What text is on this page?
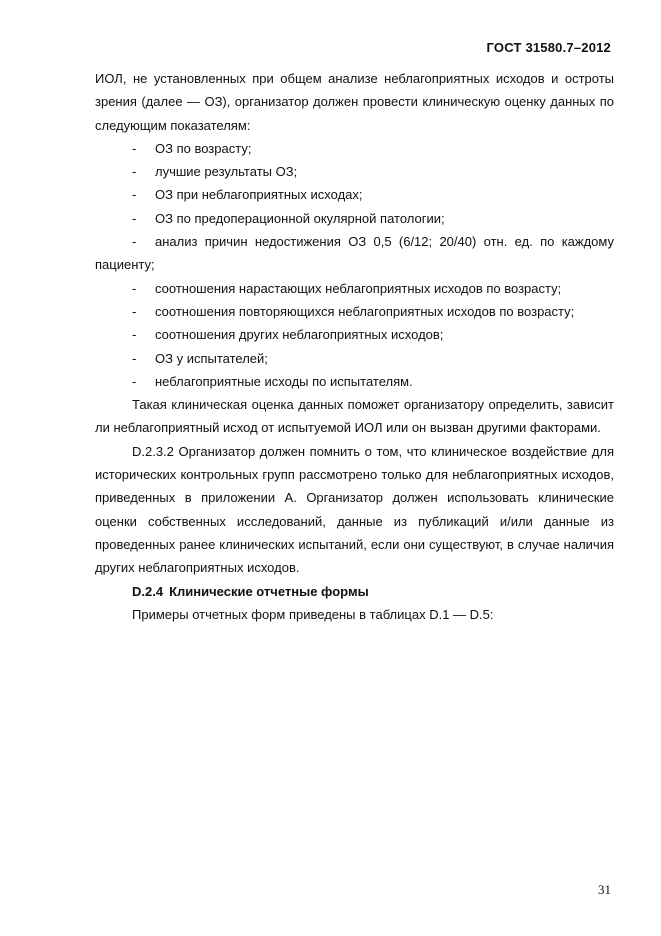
ГОСТ 31580.7–2012

ИОЛ, не установленных при общем анализе неблагоприятных исходов и остроты зрения (далее — ОЗ), организатор должен провести клиническую оценку данных по следующим показателям:

-	ОЗ по возрасту;
-	лучшие результаты ОЗ;
-	ОЗ при неблагоприятных исходах;
-	ОЗ по предоперационной окулярной патологии;
-	анализ причин недостижения ОЗ 0,5 (6/12; 20/40) отн. ед. по каждому

пациенту;

-	соотношения нарастающих неблагоприятных исходов по возрасту;
-	соотношения повторяющихся неблагоприятных исходов по возрасту;
-	соотношения других неблагоприятных исходов;
-	ОЗ у испытателей;
-	неблагоприятные исходы по испытателям.

Такая клиническая оценка данных поможет организатору определить, зависит ли неблагоприятный исход от испытуемой ИОЛ или он вызван другими факторами.

D.2.3.2 Организатор должен помнить о том, что клиническое воздействие для исторических контрольных групп рассмотрено только для неблагоприятных исходов, приведенных в приложении А. Организатор должен использовать клинические оценки собственных исследований, данные из публикаций и/или данные из проведенных ранее клинических испытаний, если они существуют, в случае наличия других неблагоприятных исходов.

D.2.4 Клинические отчетные формы

Примеры отчетных форм приведены в таблицах D.1 — D.5:

31
